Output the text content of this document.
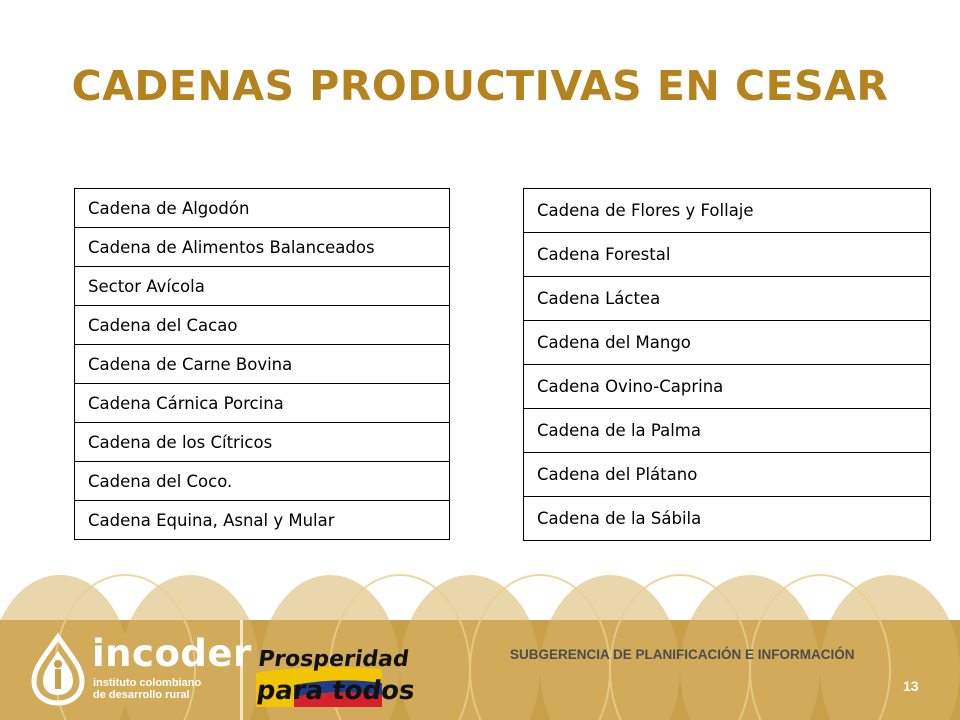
CADENAS PRODUCTIVAS EN CESAR
Cadena de Algodón
Cadena de Alimentos Balanceados
Sector Avícola
Cadena del Cacao
Cadena de Carne Bovina
Cadena Cárnica Porcina
Cadena de los Cítricos
Cadena del Coco.
Cadena Equina, Asnal y Mular
Cadena de Flores y Follaje
Cadena Forestal
Cadena Láctea
Cadena del Mango
Cadena Ovino-Caprina
Cadena de la Palma
Cadena del Plátano
Cadena de la Sábila
incoder
instituto colombiano
de desarrollo rural
Prosperidad
para todos
SUBGERENCIA DE PLANIFICACIÓN E INFORMACIÓN
13
